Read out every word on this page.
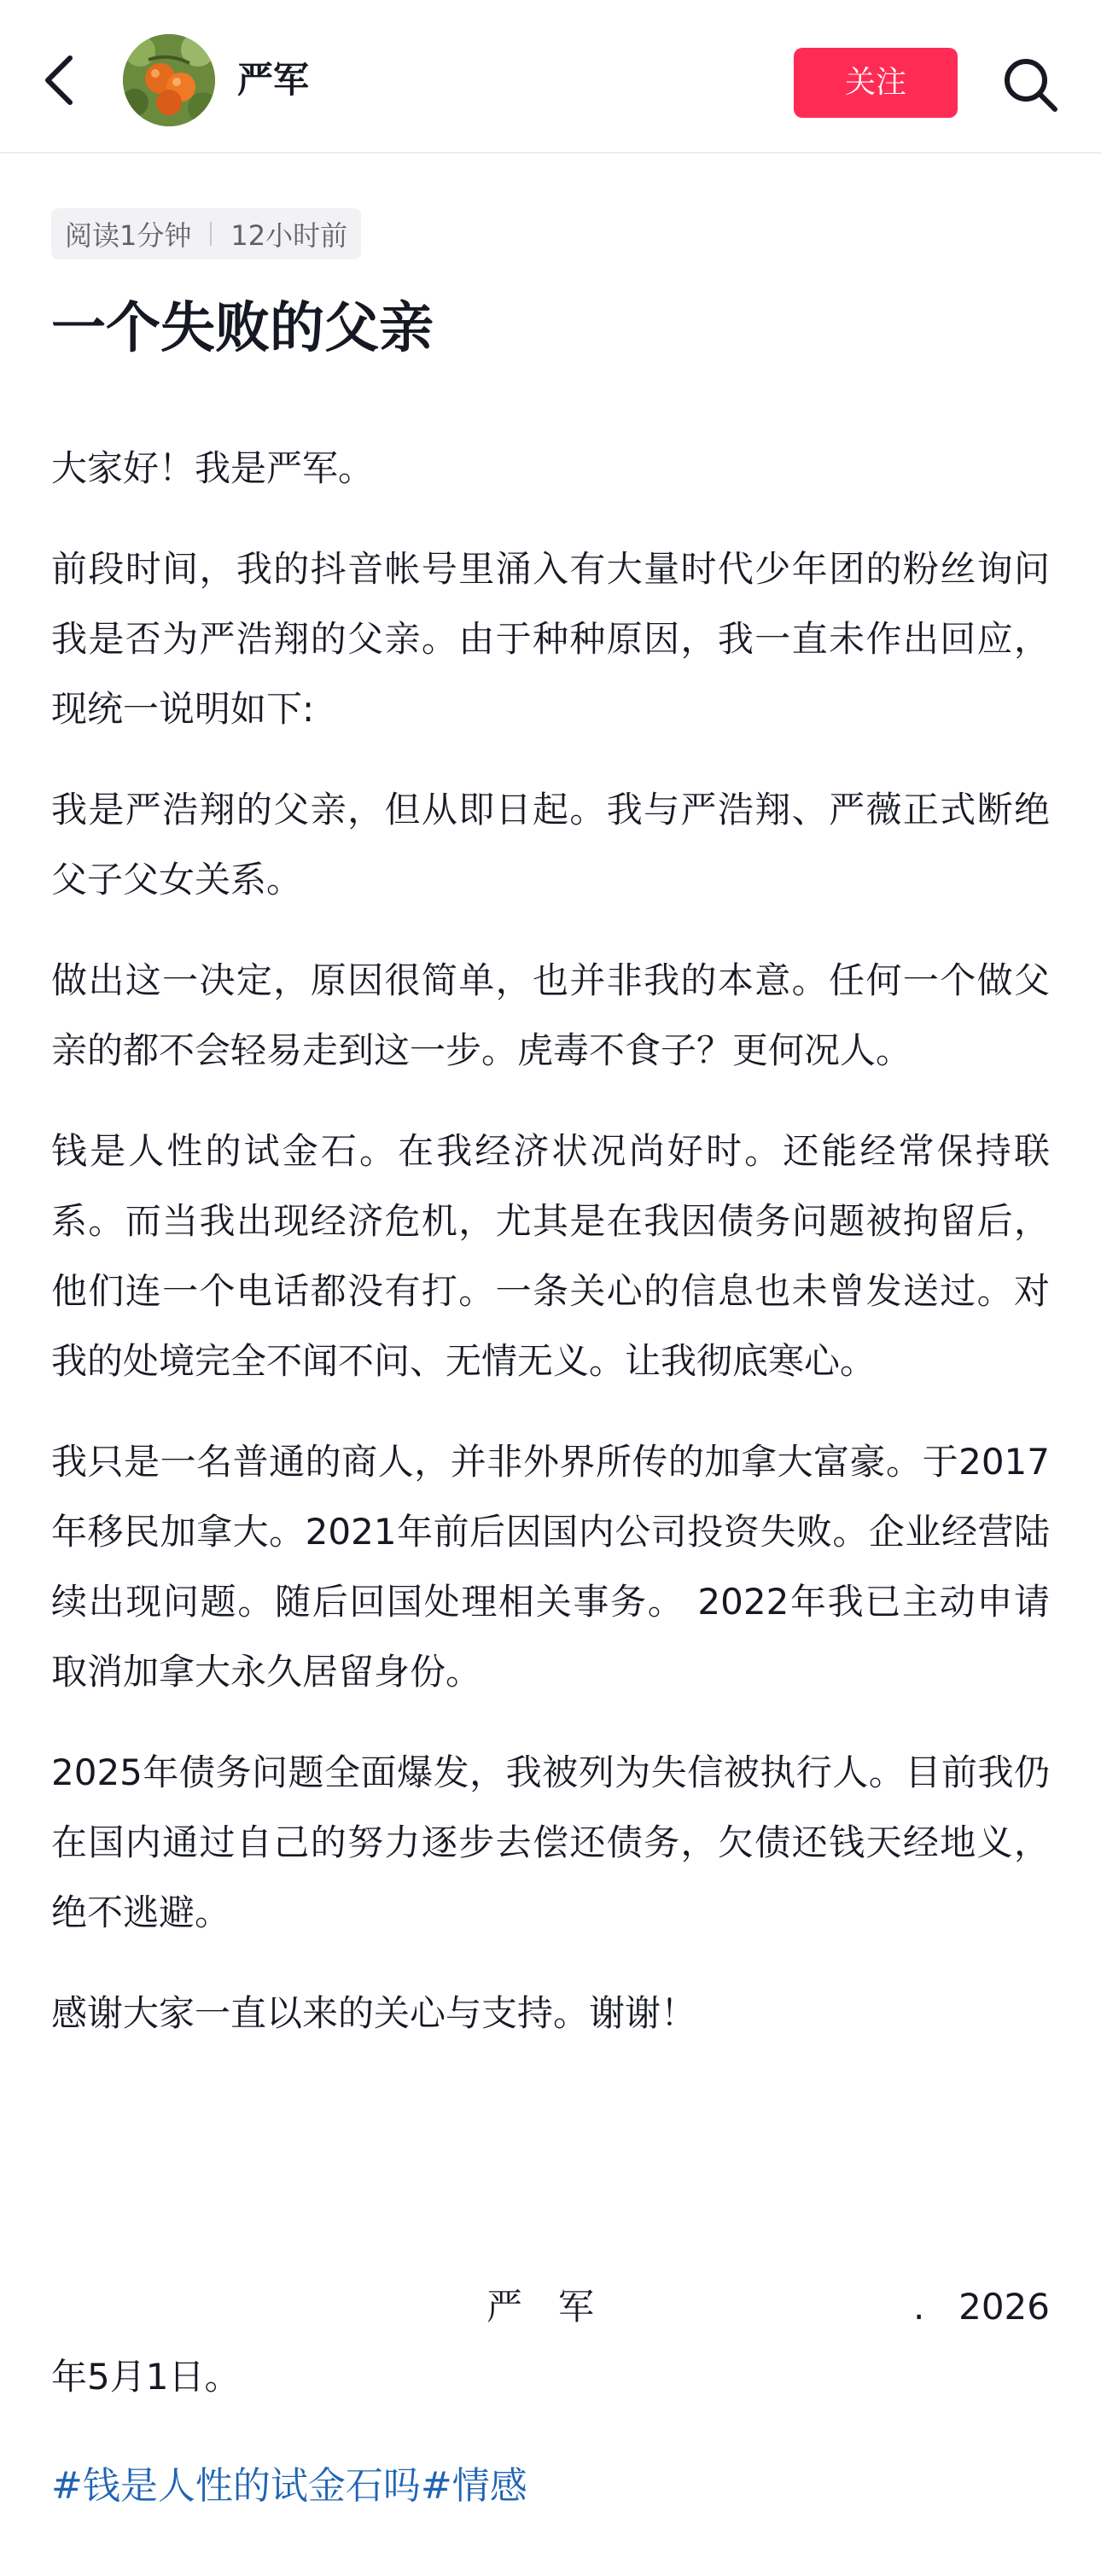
严军	关注
阅读1分钟 12小时前
一个失败的父亲

大家好！我是严军。

前段时间，我的抖音帐号里涌入有大量时代少年团的粉丝询问我是否为严浩翔的父亲。由于种种原因，我一直未作出回应，现统一说明如下:

我是严浩翔的父亲，但从即日起。我与严浩翔、严薇正式断绝父子父女关系。

做出这一决定，原因很简单，也并非我的本意。任何一个做父亲的都不会轻易走到这一步。虎毒不食子？更何况人。

钱是人性的试金石。在我经济状况尚好时。还能经常保持联系。而当我出现经济危机，尤其是在我因债务问题被拘留后，他们连一个电话都没有打。一条关心的信息也未曾发送过。对我的处境完全不闻不问、无情无义。让我彻底寒心。

我只是一名普通的商人，并非外界所传的加拿大富豪。于2017年移民加拿大。2021年前后因国内公司投资失败。企业经营陆续出现问题。随后回国处理相关事务。 2022年我已主动申请取消加拿大永久居留身份。

2025年债务问题全面爆发，我被列为失信被执行人。目前我仍在国内通过自己的努力逐步去偿还债务，欠债还钱天经地义，绝不逃避。

感谢大家一直以来的关心与支持。谢谢！

严　军	. 2026
年5月1日。
#钱是人性的试金石吗#情感
